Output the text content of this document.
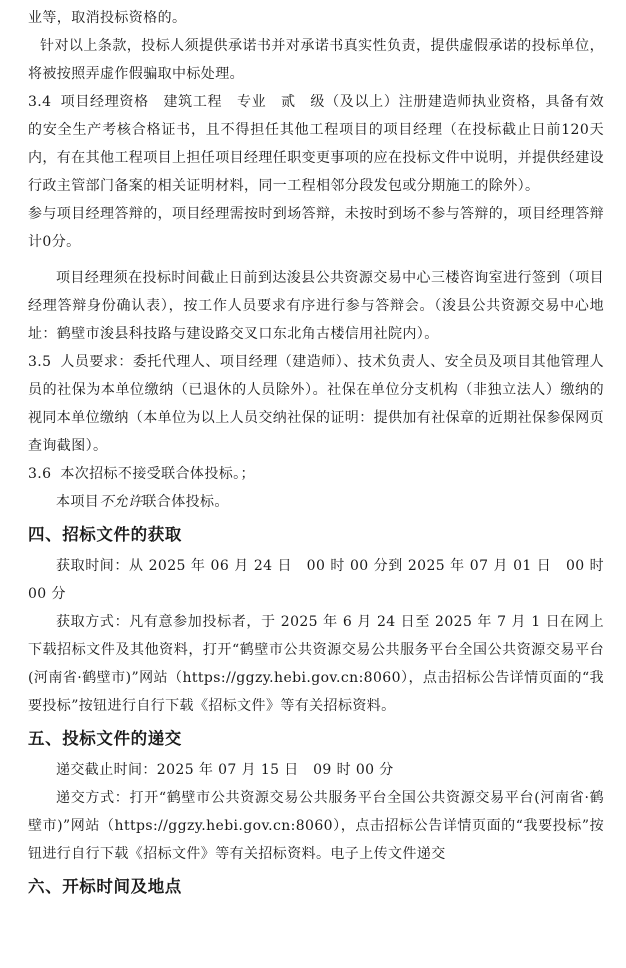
业等，取消投标资格的。

针对以上条款，投标人须提供承诺书并对承诺书真实性负责，提供虚假承诺的投标单位，将被按照弄虚作假骗取中标处理。

3.4 项目经理资格　建筑工程　专业　贰　级（及以上）注册建造师执业资格，具备有效的安全生产考核合格证书，且不得担任其他工程项目的项目经理（在投标截止日前120天内，有在其他工程项目上担任项目经理任职变更事项的应在投标文件中说明，并提供经建设行政主管部门备案的相关证明材料，同一工程相邻分段发包或分期施工的除外）。

参与项目经理答辩的，项目经理需按时到场答辩，未按时到场不参与答辩的，项目经理答辩计0分。

项目经理须在投标时间截止日前到达浚县公共资源交易中心三楼咨询室进行签到（项目经理答辩身份确认表），按工作人员要求有序进行参与答辩会。（浚县公共资源交易中心地址：鹤壁市浚县科技路与建设路交叉口东北角古楼信用社院内）。

3.5 人员要求：委托代理人、项目经理（建造师）、技术负责人、安全员及项目其他管理人员的社保为本单位缴纳（已退休的人员除外）。社保在单位分支机构（非独立法人）缴纳的视同本单位缴纳（本单位为以上人员交纳社保的证明：提供加有社保章的近期社保参保网页查询截图）。

3.6 本次招标不接受联合体投标。；

本项目不允许联合体投标。

四、招标文件的获取

获取时间：从 2025 年 06 月 24 日　00 时 00 分到 2025 年 07 月 01 日　00 时 00 分

获取方式：凡有意参加投标者，于 2025 年 6 月 24 日至 2025 年 7 月 1 日在网上下载招标文件及其他资料，打开“鹤壁市公共资源交易公共服务平台全国公共资源交易平台(河南省·鹤壁市)”网站（https://ggzy.hebi.gov.cn:8060），点击招标公告详情页面的“我要投标”按钮进行自行下载《招标文件》等有关招标资料。

五、投标文件的递交

递交截止时间：2025 年 07 月 15 日　09 时 00 分

递交方式：打开“鹤壁市公共资源交易公共服务平台全国公共资源交易平台(河南省·鹤壁市)”网站（https://ggzy.hebi.gov.cn:8060），点击招标公告详情页面的“我要投标”按钮进行自行下载《招标文件》等有关招标资料。电子上传文件递交

六、开标时间及地点
